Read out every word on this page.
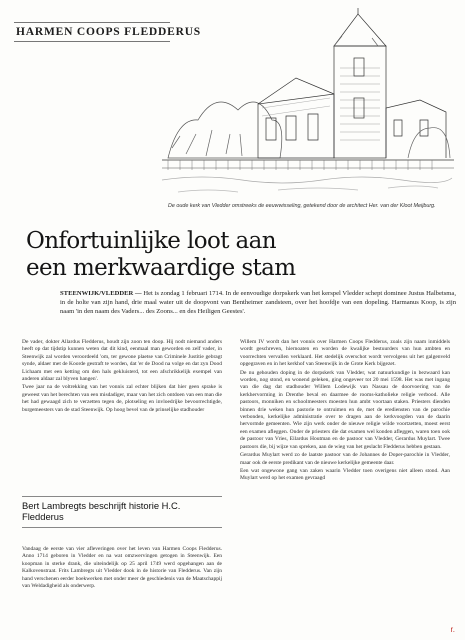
HARMEN COOPS FLEDDERUS
De oude kerk van Vledder omstreeks de eeuwwisseling, getekend door de architect Her. van der Kloot Meijburg.
Onfortuinlijke loot aan
een merkwaardige stam
STEENWIJK/VLEDDER — Het is zondag 1 februari 1714. In de eenvoudige dorpskerk van het kerspel Vledder schept dominee Justus Halbetsma, in de holte van zijn hand, drie maal water uit de doopvont van Bentheimer zandsteen, over het hoofdje van een dopeling. Harmanus Koop, is zijn naam 'in den naam des Vaders... des Zoons... en des Heiligen Geestes'.

De vader, dokter Allardus Fledderus, houdt zijn zoon ten doop. Hij nodt niemand anders heeft op dat tijdstip kunnen weten dat dit kind, eenmaal man geworden en zelf vader, in Steenwijk zal worden veroordeeld 'om, ter gewone plaetse van Criminele Justitie gebragt synde, aldaer met de Koorde gestraft te worden, dat 'er de Dood na volge en dat zyn Dood Lichaam met een ketting om den hals gekluisterd, tot een afschrikkelijk exempel van anderen aldaar zal blyven hangen'.

Twee jaar na de voltrekking van het vonnis zal echter blijken dat hier geen sprake is geweest van het berechten van een misdadiger, maar van het zich ontdoen van een man die het had gewaagd zich te verzetten tegen de, plotseling en invloedrijke bevoorrechtigde, burgemeesters van de stad Steenwijk. Op hoog bevel van de prinselijke stadhouder

Bert Lambregts beschrijft historie H.C. Fledderus

Vandaag de eerste van vier afleveringen over het leven van Harmen Coops Fledderus. Anno 1714 geboren in Vledder en na wat omzwervingen getogen in Steenwijk. Een koopman in sterke drank, die uiteindelijk op 25 april 1749 werd opgehangen aan de Kalkovenstraat. Frits Lambregts uit Vledder dook in de historie van Fledderus. Van zijn hand verschenen eerder boekwerken met onder meer de geschiedenis van de Maatschappij van Weldadigheid als onderwerp.

Willem IV wordt dan het vonnis over Harmen Coops Fledderus, zoals zijn naam inmiddels wordt geschreven, hiernoaten en worden de kwalijke bestuurders van hun ambten en voorrechten vervallen verklaard. Het stedelijk overschot wordt vervolgens uit het galgenveld opgegraven en in het kerkhof van Steenwijk in de Grote Kerk bijgezet.

De nu gehouden doping in de dorpskerk van Vledder, wat natuurkundige in bezwaard kan worden, nog stond, en wonend geleken, ging ongeveer tot 20 mei 1598. Het was met ingang van die dag dat stadhouder Willem Lodewijk van Nassau de doorvoering van de kerkhervorming in Drenthe beval en daarmee de rooms-katholieke religie verbood. Alle pastoors, monniken en schoolmeesters moesten hun ambt voortaan staken. Priesters dienden binnen drie weken hun pastorie te ontruimen en de, met de erediensten van de parochie verbonden, kerkelijke administratie over te dragen aan de kerkvoogden van de daarin hervormde gemeenten. Wie zijn werk onder de nieuwe religie wilde voortzetten, moest eerst een examen afleggen. Onder de priesters die dat examen wel konden afleggen, waren toen ook de pastoor van Vries, Eilardus Houtman en de pastoor van Vledder, Gerardus Muylart. Twee pastoors die, bij wijze van spreken, aan de wieg van het geslacht Fledderus hebben gestaan.

Gerardus Muylart werd zo de laatste pastoor van de Johannes de Doper-parochie in Vledder, maar ook de eerste predikant van de nieuwe kerkelijke gemeente daar.

Een wat ongewone gang van zaken waarin Vledder toen overigens niet alleen stond. Aan Muylart werd op het examen gevraagd

r.
